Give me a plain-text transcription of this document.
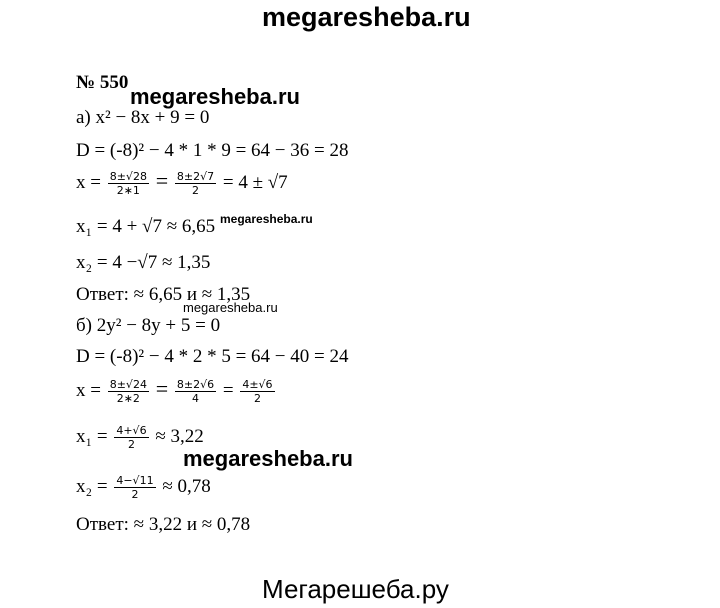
megaresheba.ru
megaresheba.ru
megaresheba.ru
megaresheba.ru
megaresheba.ru
Мегарешеба.ру
№ 550
а) x² − 8x + 9 = 0
D = (-8)² − 4 * 1 * 9 = 64 − 36 = 28
$x = \frac{8\pm√28}{2∗1} = \frac{8\pm 2√7}{2} = 4 \pm √7$
x₁ = 4 + √7 ≈ 6,65
x₂ = 4 −√7 ≈ 1,35
Ответ: ≈ 6,65 и ≈ 1,35
б) 2y² − 8y + 5 = 0
D = (-8)² − 4 * 2 * 5 = 64 − 40 = 24
$x = \frac{8\pm√24}{2∗2} = \frac{8\pm 2√6}{4} = \frac{4\pm√6}{2}$
$x_1 = \frac{4+√6}{2} \approx 3,22$
$x_2 = \frac{4-√11}{2} \approx 0,78$
Ответ: ≈ 3,22 и ≈ 0,78
